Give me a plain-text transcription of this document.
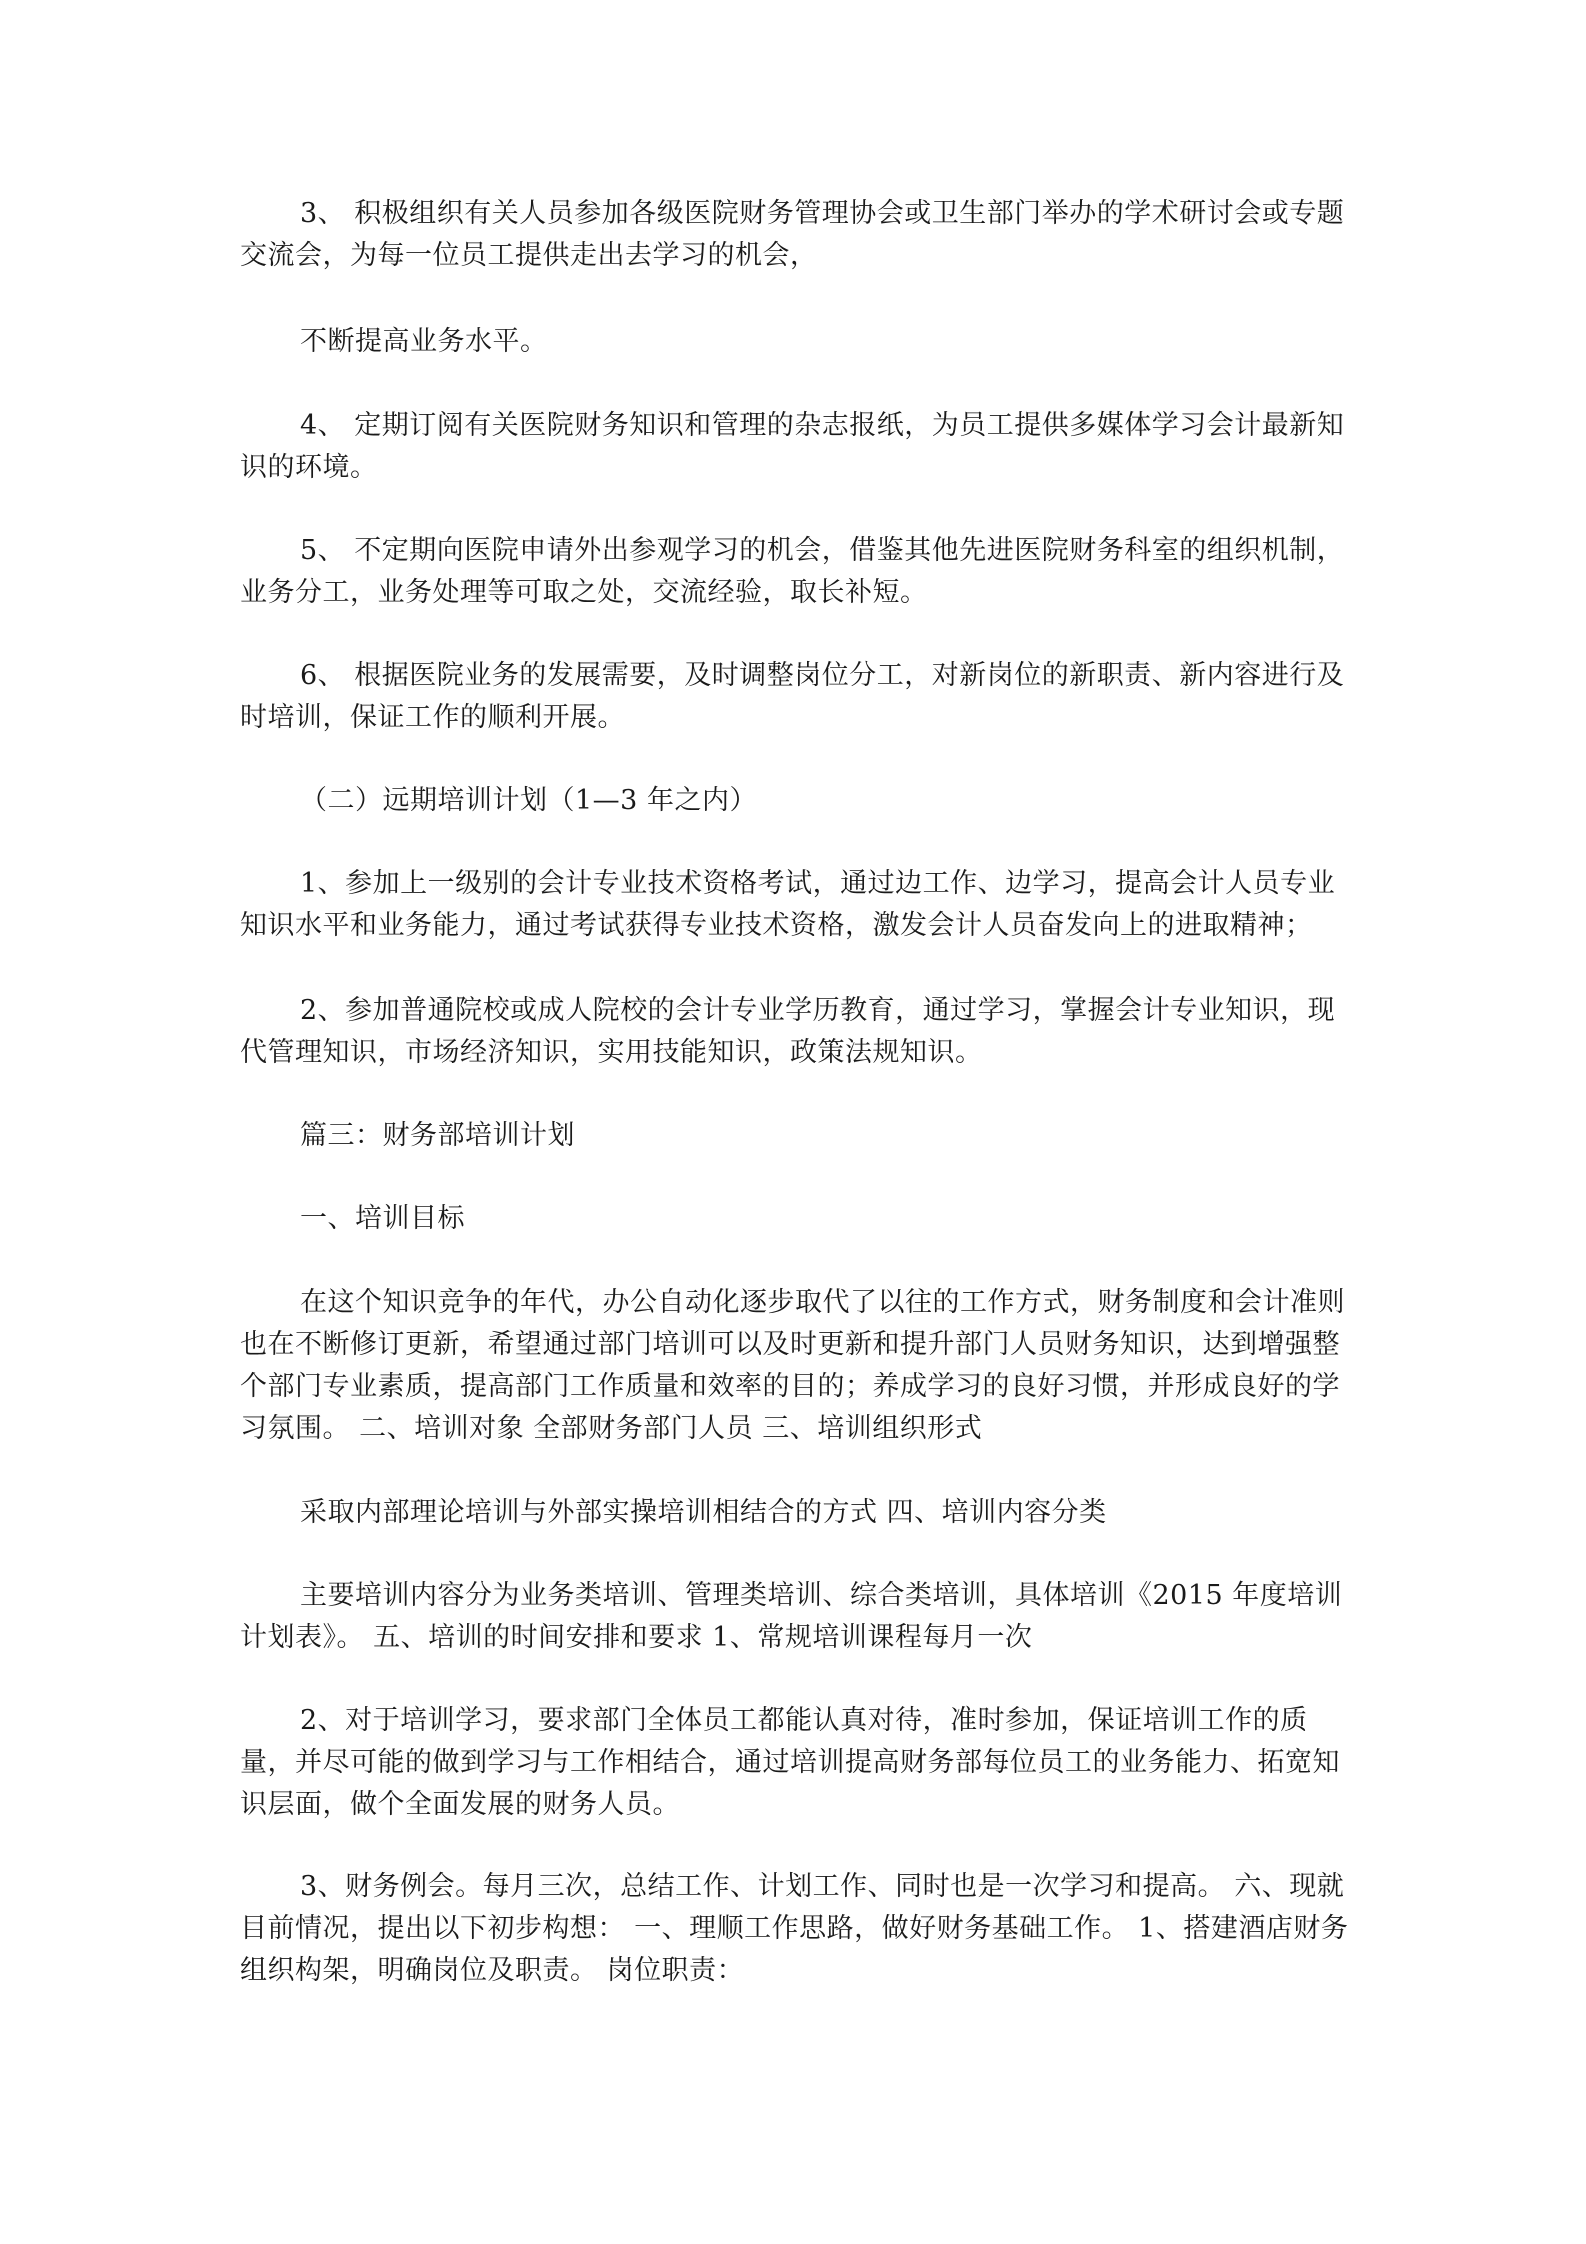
3、 积极组织有关人员参加各级医院财务管理协会或卫生部门举办的学术研讨会或专题交流会，为每一位员工提供走出去学习的机会，

不断提高业务水平。

4、 定期订阅有关医院财务知识和管理的杂志报纸，为员工提供多媒体学习会计最新知识的环境。

5、 不定期向医院申请外出参观学习的机会，借鉴其他先进医院财务科室的组织机制，业务分工，业务处理等可取之处，交流经验，取长补短。

6、 根据医院业务的发展需要，及时调整岗位分工，对新岗位的新职责、新内容进行及时培训，保证工作的顺利开展。

（二）远期培训计划（1—3 年之内）

1、参加上一级别的会计专业技术资格考试，通过边工作、边学习，提高会计人员专业知识水平和业务能力，通过考试获得专业技术资格，激发会计人员奋发向上的进取精神；

2、参加普通院校或成人院校的会计专业学历教育，通过学习，掌握会计专业知识，现代管理知识，市场经济知识，实用技能知识，政策法规知识。

篇三：财务部培训计划

一、培训目标

在这个知识竞争的年代，办公自动化逐步取代了以往的工作方式，财务制度和会计准则也在不断修订更新，希望通过部门培训可以及时更新和提升部门人员财务知识，达到增强整个部门专业素质，提高部门工作质量和效率的目的；养成学习的良好习惯，并形成良好的学习氛围。 二、培训对象 全部财务部门人员 三、培训组织形式

采取内部理论培训与外部实操培训相结合的方式 四、培训内容分类

主要培训内容分为业务类培训、管理类培训、综合类培训，具体培训《2015 年度培训计划表》。 五、培训的时间安排和要求 1、常规培训课程每月一次

2、对于培训学习，要求部门全体员工都能认真对待，准时参加，保证培训工作的质量，并尽可能的做到学习与工作相结合，通过培训提高财务部每位员工的业务能力、拓宽知识层面，做个全面发展的财务人员。

3、财务例会。每月三次，总结工作、计划工作、同时也是一次学习和提高。 六、现就目前情况，提出以下初步构想： 一、理顺工作思路，做好财务基础工作。 1、搭建酒店财务组织构架，明确岗位及职责。 岗位职责：
